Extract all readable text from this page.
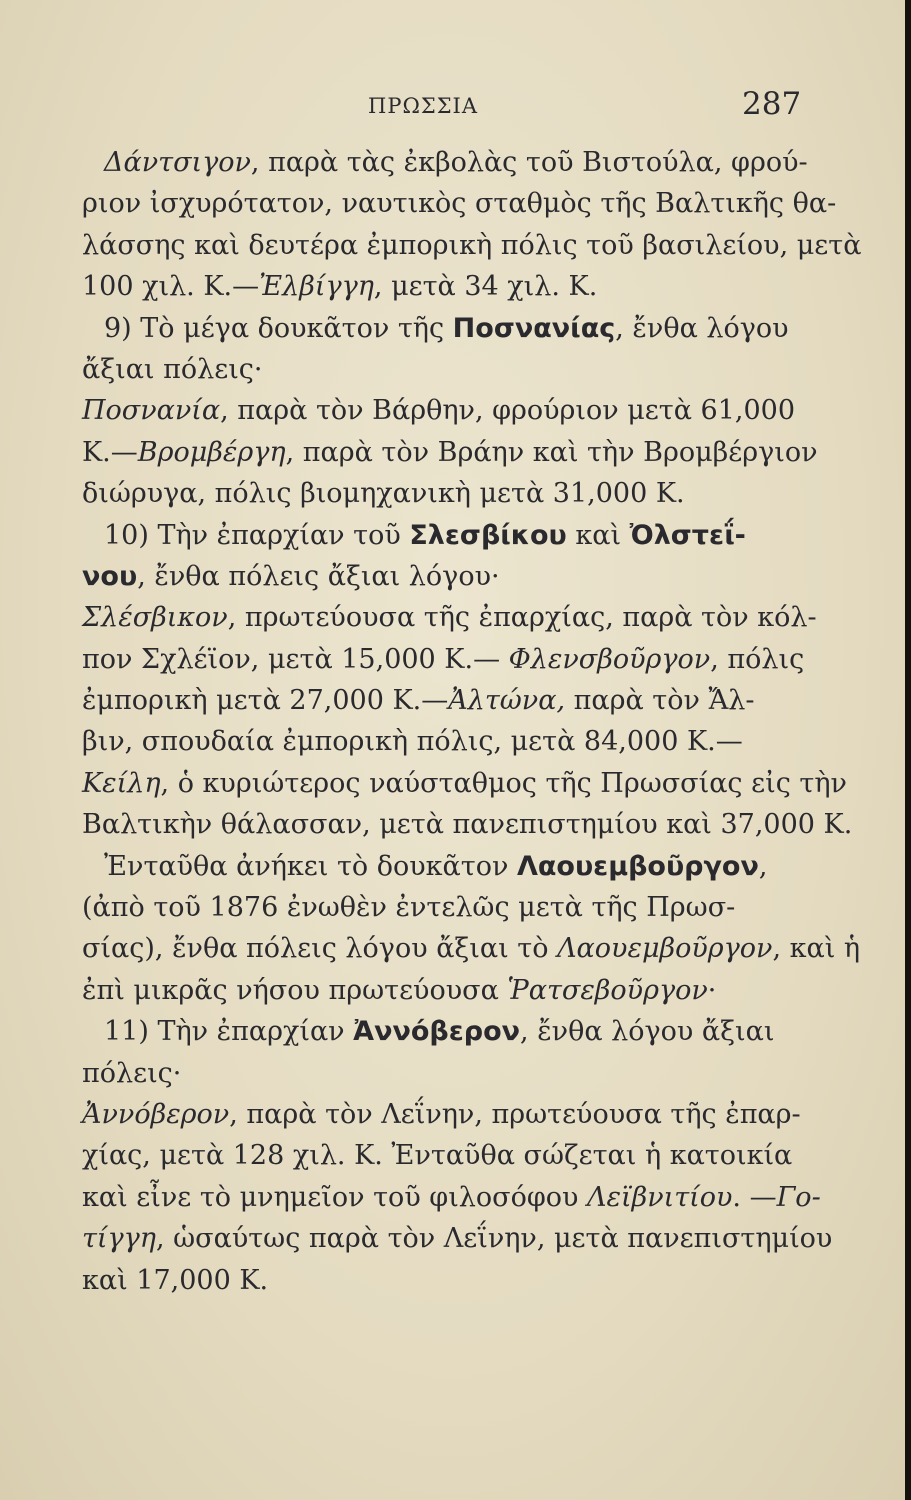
ΠΡΩΣΣΙΑ	287
Δάντσιγον, παρὰ τὰς ἐκβολὰς τοῦ Βιστούλα, φρού-
ριον ἰσχυρότατον, ναυτικὸς σταθμὸς τῆς Βαλτικῆς θα-
λάσσης καὶ δευτέρα ἐμπορικὴ πόλις τοῦ βασιλείου, μετὰ
100 χιλ. Κ.—Ἐλβίγγη, μετὰ 34 χιλ. Κ.
9) Τὸ μέγα δουκᾶτον τῆς Ποσνανίας, ἔνθα λόγου
ἄξιαι πόλεις·
Ποσνανία, παρὰ τὸν Βάρθην, φρούριον μετὰ 61,000
Κ.—Βρομβέργη, παρὰ τὸν Βράην καὶ τὴν Βρομβέργιον
διώρυγα, πόλις βιομηχανικὴ μετὰ 31,000 Κ.
10) Τὴν ἐπαρχίαν τοῦ Σλεσβίκου καὶ Ὀλστεΐ-
νου, ἔνθα πόλεις ἄξιαι λόγου·
Σλέσβικον, πρωτεύουσα τῆς ἐπαρχίας, παρὰ τὸν κόλ-
πον Σχλέϊον, μετὰ 15,000 Κ.— Φλενσβοῦργον, πόλις
ἐμπορικὴ μετὰ 27,000 Κ.—Ἀλτώνα, παρὰ τὸν Ἄλ-
βιν, σπουδαία ἐμπορικὴ πόλις, μετὰ 84,000 Κ.—
Κείλη, ὁ κυριώτερος ναύσταθμος τῆς Πρωσσίας εἰς τὴν
Βαλτικὴν θάλασσαν, μετὰ πανεπιστημίου καὶ 37,000 Κ.
Ἐνταῦθα ἀνήκει τὸ δουκᾶτον Λαουεμβοῦργον,
(ἀπὸ τοῦ 1876 ἐνωθὲν ἐντελῶς μετὰ τῆς Πρωσ-
σίας), ἔνθα πόλεις λόγου ἄξιαι τὸ Λαουεμβοῦργον, καὶ ἡ
ἐπὶ μικρᾶς νήσου πρωτεύουσα Ῥατσεβοῦργον·
11) Τὴν ἐπαρχίαν Ἀννόβερον, ἔνθα λόγου ἄξιαι
πόλεις·
Ἀννόβερον, παρὰ τὸν Λεΐνην, πρωτεύουσα τῆς ἐπαρ-
χίας, μετὰ 128 χιλ. Κ. Ἐνταῦθα σώζεται ἡ κατοικία
καὶ εἶνε τὸ μνημεῖον τοῦ φιλοσόφου Λεϊβνιτίου. —Γο-
τίγγη, ὡσαύτως παρὰ τὸν Λεΐνην, μετὰ πανεπιστημίου
καὶ 17,000 Κ.
